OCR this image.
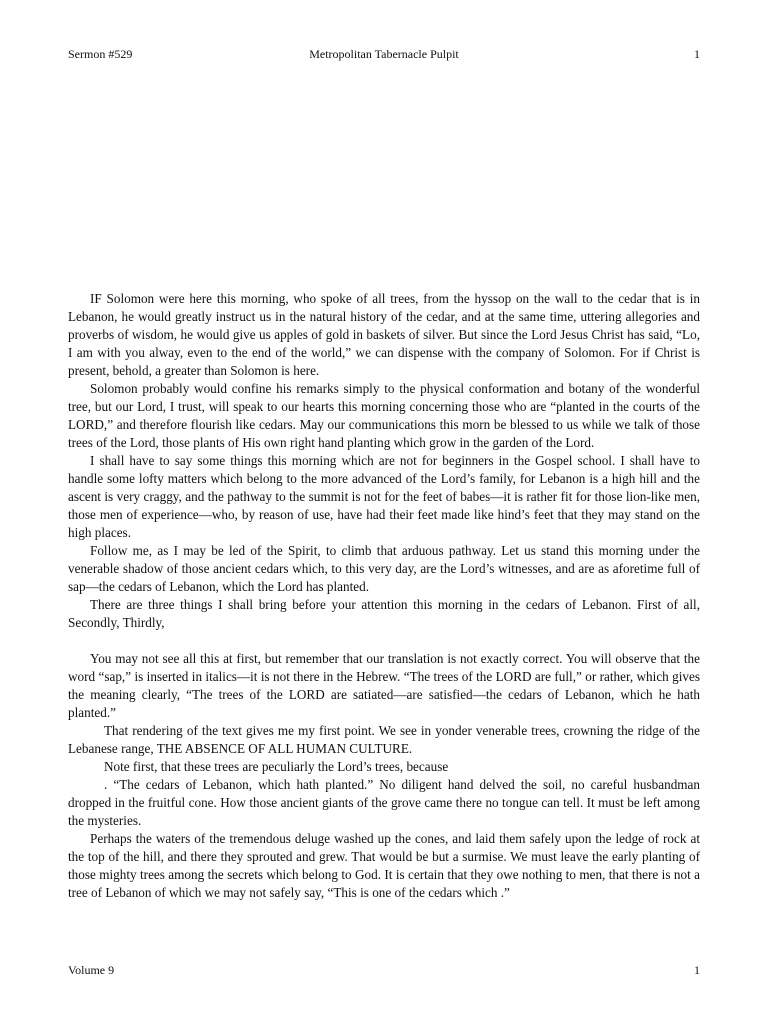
Sermon #529	Metropolitan Tabernacle Pulpit	1

IF Solomon were here this morning, who spoke of all trees, from the hyssop on the wall to the cedar that is in Lebanon, he would greatly instruct us in the natural history of the cedar, and at the same time, uttering allegories and proverbs of wisdom, he would give us apples of gold in baskets of silver. But since the Lord Jesus Christ has said, “Lo, I am with you alway, even to the end of the world,” we can dispense with the company of Solomon. For if Christ is present, behold, a greater than Solomon is here.

Solomon probably would confine his remarks simply to the physical conformation and botany of the wonderful tree, but our Lord, I trust, will speak to our hearts this morning concerning those who are “planted in the courts of the LORD,” and therefore flourish like cedars. May our communications this morn be blessed to us while we talk of those trees of the Lord, those plants of His own right hand planting which grow in the garden of the Lord.

I shall have to say some things this morning which are not for beginners in the Gospel school. I shall have to handle some lofty matters which belong to the more advanced of the Lord’s family, for Lebanon is a high hill and the ascent is very craggy, and the pathway to the summit is not for the feet of babes—it is rather fit for those lion-like men, those men of experience—who, by reason of use, have had their feet made like hind’s feet that they may stand on the high places.

Follow me, as I may be led of the Spirit, to climb that arduous pathway. Let us stand this morning under the venerable shadow of those ancient cedars which, to this very day, are the Lord’s witnesses, and are as aforetime full of sap—the cedars of Lebanon, which the Lord has planted.

There are three things I shall bring before your attention this morning in the cedars of Lebanon. First of all, Secondly, Thirdly,

You may not see all this at first, but remember that our translation is not exactly correct. You will observe that the word “sap,” is inserted in italics—it is not there in the Hebrew. “The trees of the LORD are full,” or rather, which gives the meaning clearly, “The trees of the LORD are satiated—are satisfied—the cedars of Lebanon, which he hath planted.”

That rendering of the text gives me my first point. We see in yonder venerable trees, crowning the ridge of the Lebanese range, THE ABSENCE OF ALL HUMAN CULTURE.

Note first, that these trees are peculiarly the Lord’s trees, because

. “The cedars of Lebanon, which hath planted.” No diligent hand delved the soil, no careful husbandman dropped in the fruitful cone. How those ancient giants of the grove came there no tongue can tell. It must be left among the mysteries.

Perhaps the waters of the tremendous deluge washed up the cones, and laid them safely upon the ledge of rock at the top of the hill, and there they sprouted and grew. That would be but a surmise. We must leave the early planting of those mighty trees among the secrets which belong to God. It is certain that they owe nothing to men, that there is not a tree of Lebanon of which we may not safely say, “This is one of the cedars which .”

Volume 9	1
